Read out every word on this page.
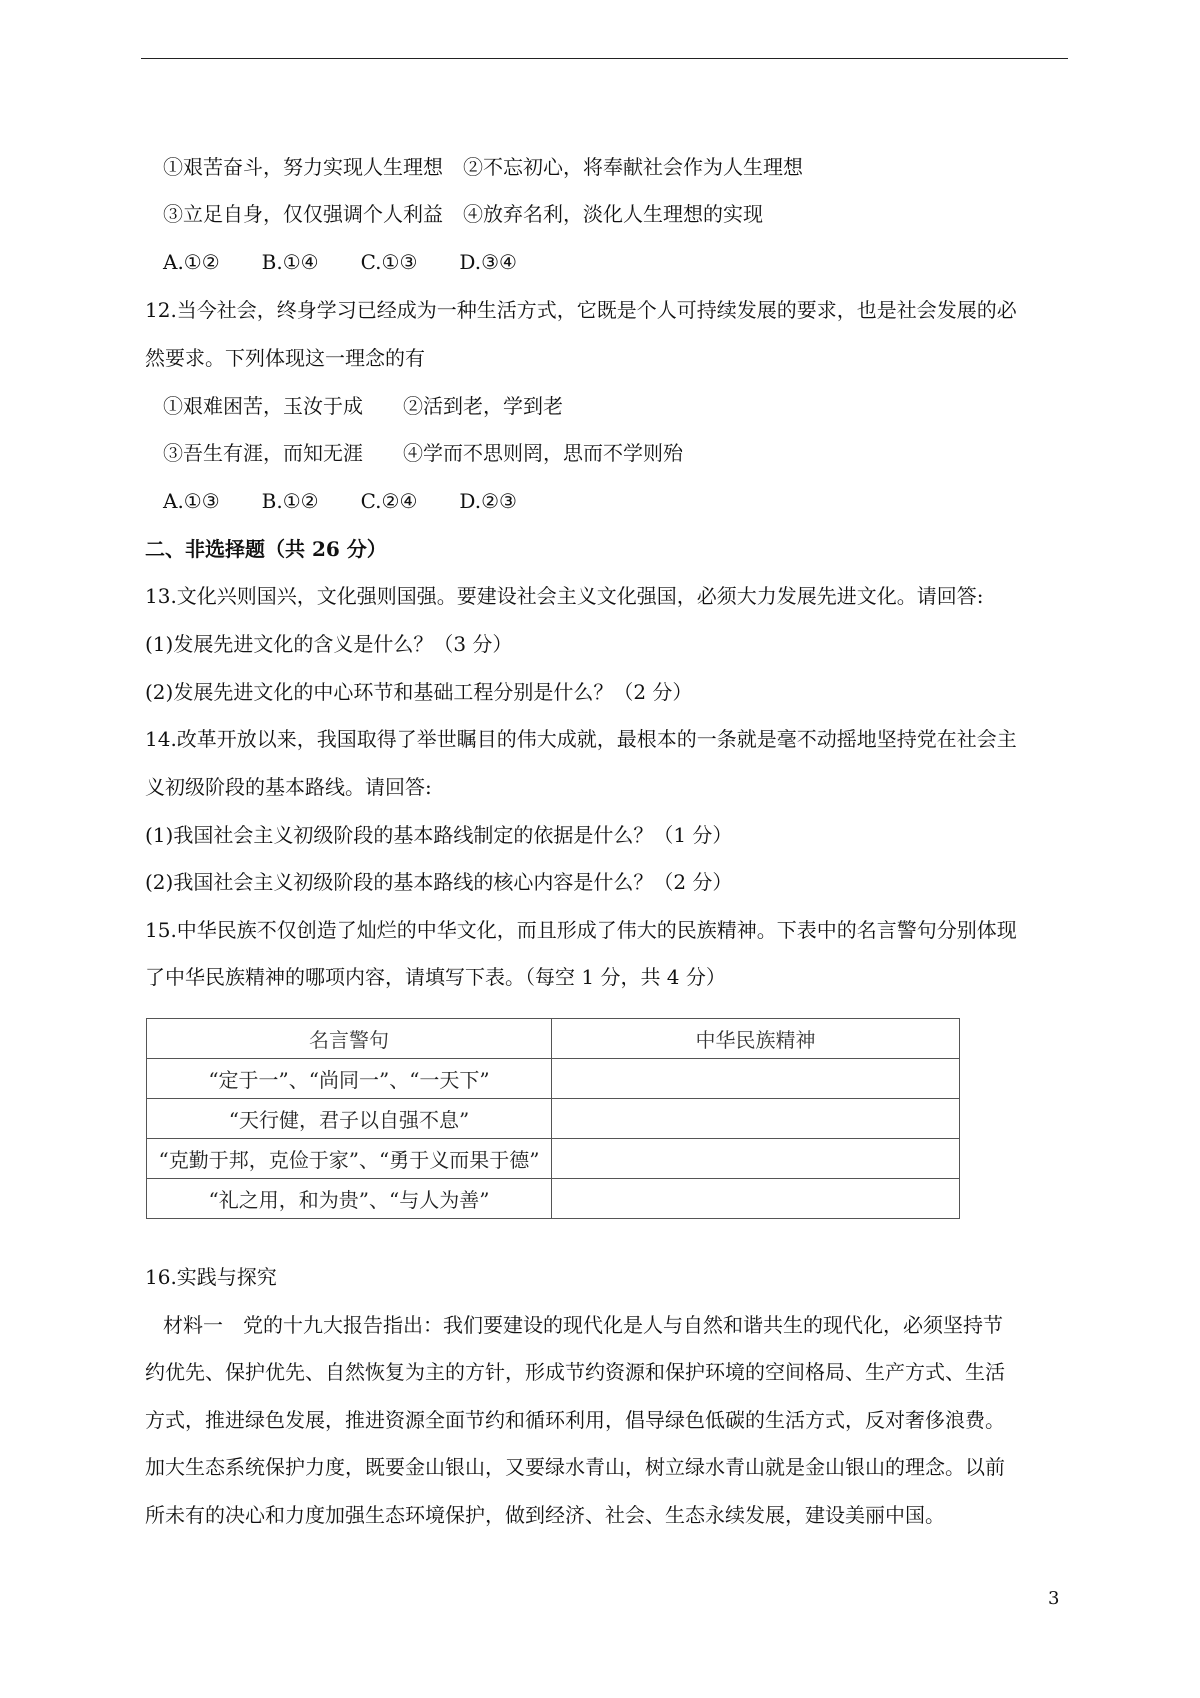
①艰苦奋斗，努力实现人生理想　②不忘初心，将奉献社会作为人生理想
③立足自身，仅仅强调个人利益　④放弃名利，淡化人生理想的实现
A.①② B.①④ C.①③ D.③④
12.当今社会，终身学习已经成为一种生活方式，它既是个人可持续发展的要求，也是社会发展的必
然要求。下列体现这一理念的有
①艰难困苦，玉汝于成　　②活到老，学到老
③吾生有涯，而知无涯　　④学而不思则罔，思而不学则殆
A.①③ B.①② C.②④ D.②③
二、非选择题（共 26 分）
13.文化兴则国兴，文化强则国强。要建设社会主义文化强国，必须大力发展先进文化。请回答:
(1)发展先进文化的含义是什么？（3 分）
(2)发展先进文化的中心环节和基础工程分别是什么？（2 分）
14.改革开放以来，我国取得了举世瞩目的伟大成就，最根本的一条就是毫不动摇地坚持党在社会主
义初级阶段的基本路线。请回答:
(1)我国社会主义初级阶段的基本路线制定的依据是什么？（1 分）
(2)我国社会主义初级阶段的基本路线的核心内容是什么？（2 分）
15.中华民族不仅创造了灿烂的中华文化，而且形成了伟大的民族精神。下表中的名言警句分别体现
了中华民族精神的哪项内容，请填写下表。（每空 1 分，共 4 分）
名言警句	中华民族精神
“定于一”、“尚同一”、“一天下”	
“天行健，君子以自强不息”	
“克勤于邦，克俭于家”、“勇于义而果于德”	
“礼之用，和为贵”、“与人为善”	
16.实践与探究
材料一　党的十九大报告指出：我们要建设的现代化是人与自然和谐共生的现代化，必须坚持节
约优先、保护优先、自然恢复为主的方针，形成节约资源和保护环境的空间格局、生产方式、生活
方式，推进绿色发展，推进资源全面节约和循环利用，倡导绿色低碳的生活方式，反对奢侈浪费。
加大生态系统保护力度，既要金山银山，又要绿水青山，树立绿水青山就是金山银山的理念。以前
所未有的决心和力度加强生态环境保护，做到经济、社会、生态永续发展，建设美丽中国。
3
